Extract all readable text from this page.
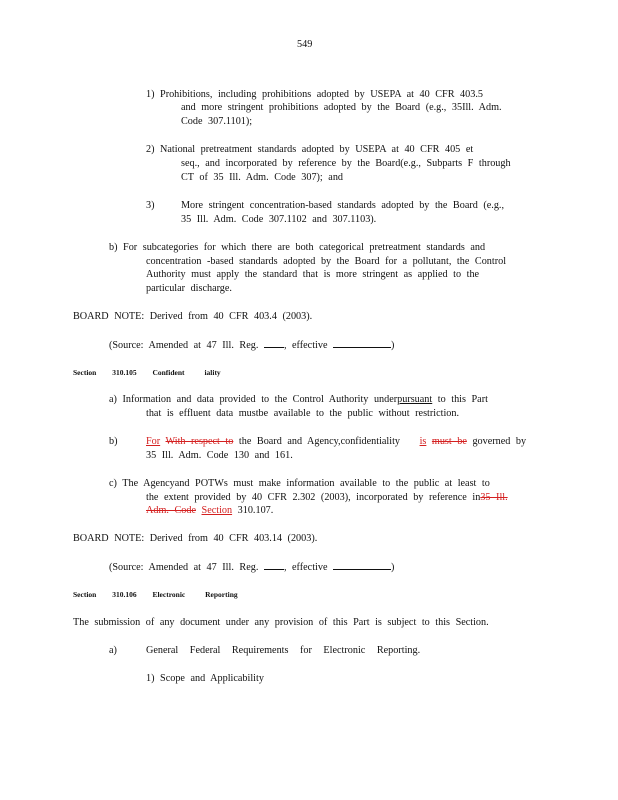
549
1) Prohibitions, including prohibitions adopted by USEPA at 40 CFR 403.5
and more stringent prohibitions adopted by the Board (e.g., 35Ill. Adm.
Code 307.1101);
2) National pretreatment standards adopted by USEPA at 40 CFR 405 et
seq., and incorporated by reference by the Board(e.g., Subparts F through
CT of 35 Ill. Adm. Code 307); and
3)	More stringent concentration-based standards adopted by the Board (e.g.,
35 Ill. Adm. Code 307.1102 and 307.1103).
b) For subcategories for which there are both categorical pretreatment standards and
concentration -based standards adopted by the Board for a pollutant, the Control
Authority must apply the standard that is more stringent as applied to the
particular discharge.
BOARD NOTE: Derived from 40 CFR 403.4 (2003).
(Source: Amended at 47 Ill. Reg.	, effective	)
Section 310.105 Confident	iality
a) Information and data provided to the Control Authority underpursuant to this Part
that is effluent data mustbe available to the public without restriction.
b)	For With respect to the Board and Agency,confidentiality is must be governed by
35 Ill. Adm. Code 130 and 161.
c) The Agencyand POTWs must make information available to the public at least to
the extent provided by 40 CFR 2.302 (2003), incorporated by reference in35 Ill.
Adm. Code Section 310.107.
BOARD NOTE: Derived from 40 CFR 403.14 (2003).
(Source: Amended at 47 Ill. Reg.	, effective	)
Section 310.106 Electronic	Reporting
The submission of any document under any provision of this Part is subject to this Section.
a)	General Federal Requirements for Electronic Reporting.
1) Scope and Applicability
